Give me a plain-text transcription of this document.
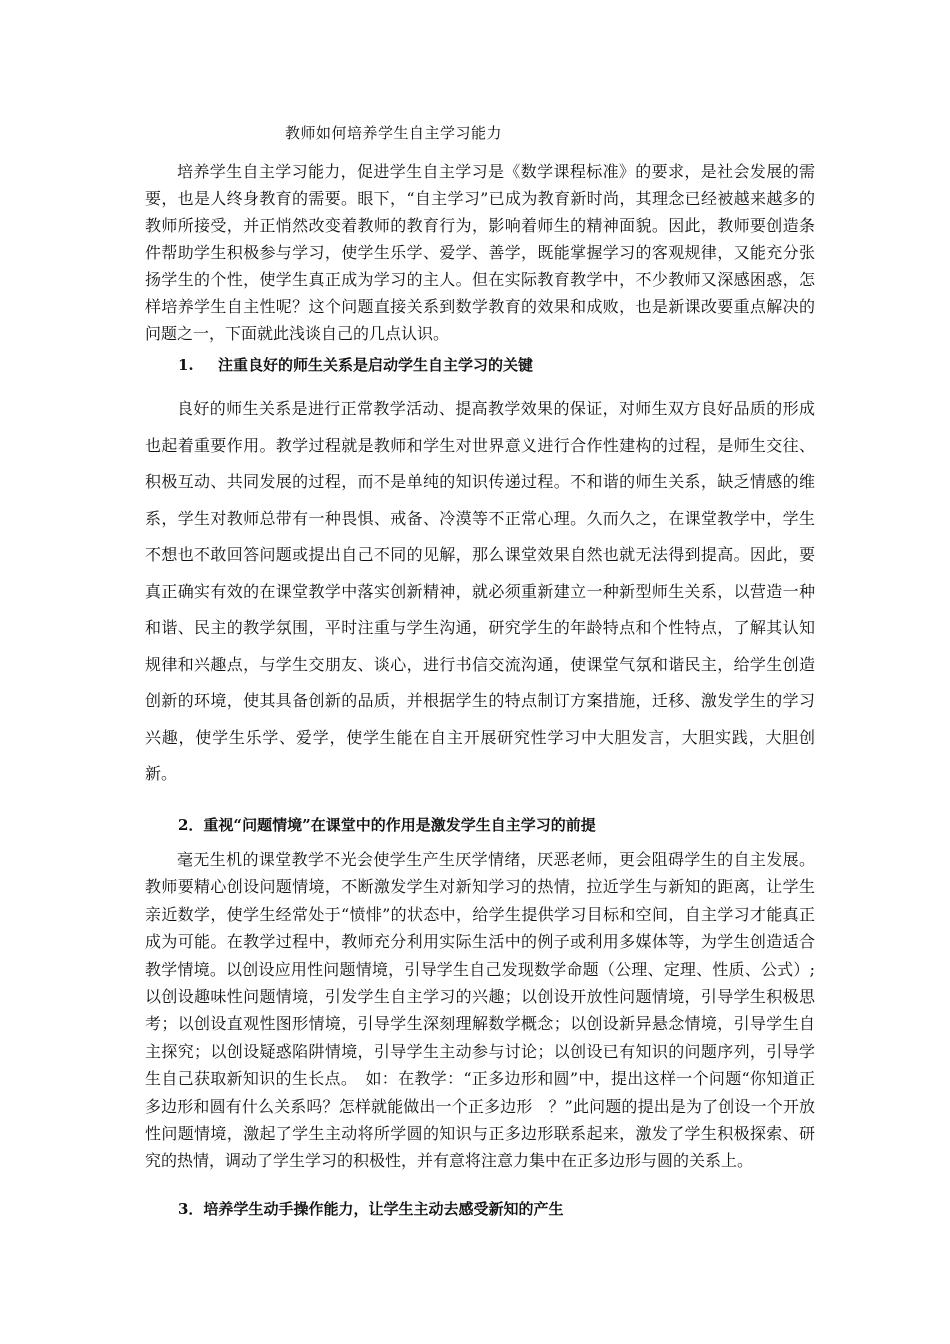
教师如何培养学生自主学习能力

培养学生自主学习能力，促进学生自主学习是《数学课程标准》的要求，是社会发展的需要，也是人终身教育的需要。眼下，“自主学习”已成为教育新时尚，其理念已经被越来越多的教师所接受，并正悄然改变着教师的教育行为，影响着师生的精神面貌。因此，教师要创造条件帮助学生积极参与学习，使学生乐学、爱学、善学，既能掌握学习的客观规律，又能充分张扬学生的个性，使学生真正成为学习的主人。但在实际教育教学中，不少教师又深感困惑，怎样培养学生自主性呢？这个问题直接关系到数学教育的效果和成败，也是新课改要重点解决的问题之一，下面就此浅谈自己的几点认识。

1. 注重良好的师生关系是启动学生自主学习的关键

良好的师生关系是进行正常教学活动、提高教学效果的保证，对师生双方良好品质的形成也起着重要作用。教学过程就是教师和学生对世界意义进行合作性建构的过程，是师生交往、积极互动、共同发展的过程，而不是单纯的知识传递过程。不和谐的师生关系，缺乏情感的维系，学生对教师总带有一种畏惧、戒备、冷漠等不正常心理。久而久之，在课堂教学中，学生不想也不敢回答问题或提出自己不同的见解，那么课堂效果自然也就无法得到提高。因此，要真正确实有效的在课堂教学中落实创新精神，就必须重新建立一种新型师生关系，以营造一种和谐、民主的教学氛围，平时注重与学生沟通，研究学生的年龄特点和个性特点，了解其认知规律和兴趣点，与学生交朋友、谈心，进行书信交流沟通，使课堂气氛和谐民主，给学生创造创新的环境，使其具备创新的品质，并根据学生的特点制订方案措施，迁移、激发学生的学习兴趣，使学生乐学、爱学，使学生能在自主开展研究性学习中大胆发言，大胆实践，大胆创新。

2．重视“问题情境”在课堂中的作用是激发学生自主学习的前提

毫无生机的课堂教学不光会使学生产生厌学情绪，厌恶老师，更会阻碍学生的自主发展。教师要精心创设问题情境，不断激发学生对新知学习的热情，拉近学生与新知的距离，让学生亲近数学，使学生经常处于“愤悱”的状态中，给学生提供学习目标和空间，自主学习才能真正成为可能。在教学过程中，教师充分利用实际生活中的例子或利用多媒体等，为学生创造适合教学情境。以创设应用性问题情境，引导学生自己发现数学命题（公理、定理、性质、公式）;以创设趣味性问题情境，引发学生自主学习的兴趣；以创设开放性问题情境，引导学生积极思考；以创设直观性图形情境，引导学生深刻理解数学概念；以创设新异悬念情境，引导学生自主探究；以创设疑惑陷阱情境，引导学生主动参与讨论；以创设已有知识的问题序列，引导学生自己获取新知识的生长点。　如：在教学：“正多边形和圆”中，提出这样一个问题“你知道正多边形和圆有什么关系吗？怎样就能做出一个正多边形　？”此问题的提出是为了创设一个开放性问题情境，激起了学生主动将所学圆的知识与正多边形联系起来，激发了学生积极探索、研究的热情，调动了学生学习的积极性，并有意将注意力集中在正多边形与圆的关系上。

3．培养学生动手操作能力，让学生主动去感受新知的产生
